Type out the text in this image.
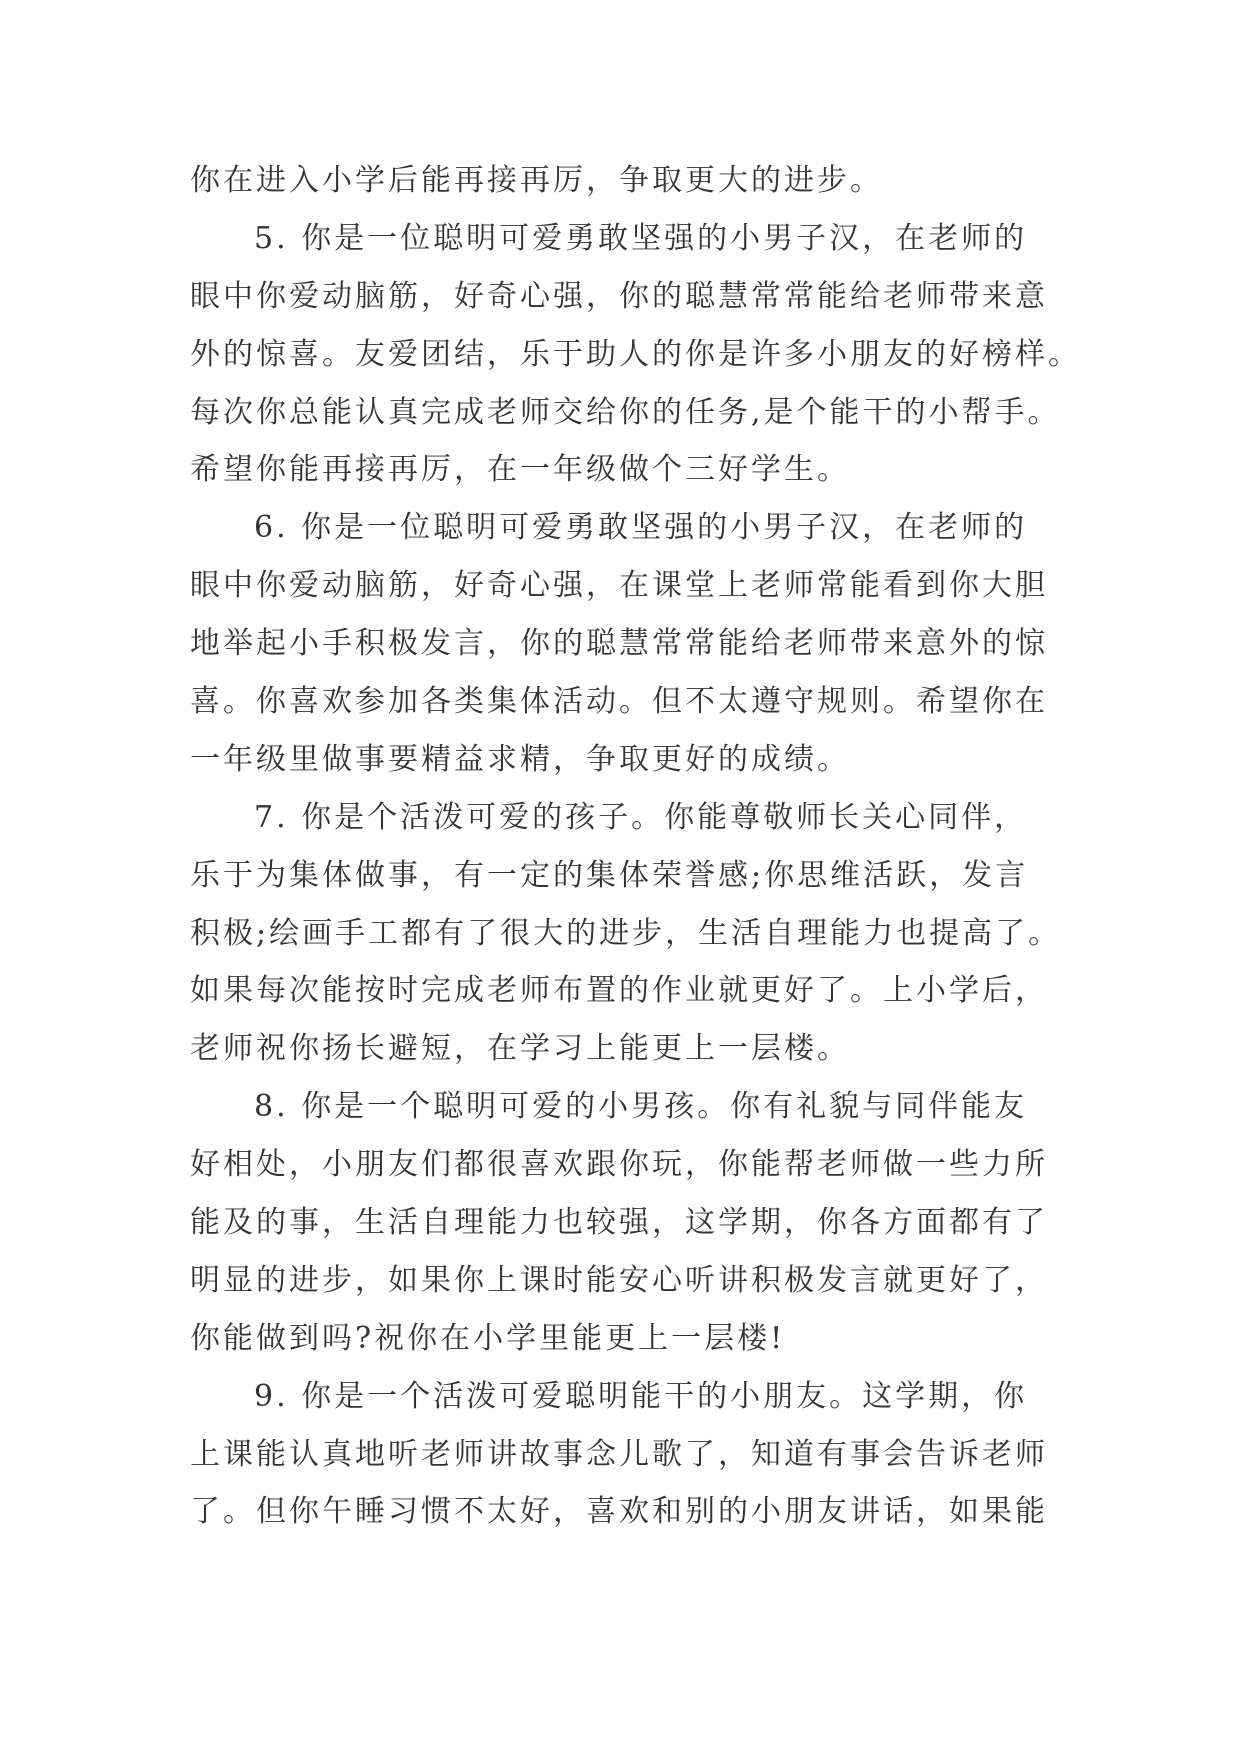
你在进入小学后能再接再厉，争取更大的进步。
5. 你是一位聪明可爱勇敢坚强的小男子汉，在老师的
眼中你爱动脑筋，好奇心强，你的聪慧常常能给老师带来意
外的惊喜。友爱团结，乐于助人的你是许多小朋友的好榜样。
每次你总能认真完成老师交给你的任务,是个能干的小帮手。
希望你能再接再厉，在一年级做个三好学生。
6. 你是一位聪明可爱勇敢坚强的小男子汉，在老师的
眼中你爱动脑筋，好奇心强，在课堂上老师常能看到你大胆
地举起小手积极发言，你的聪慧常常能给老师带来意外的惊
喜。你喜欢参加各类集体活动。但不太遵守规则。希望你在
一年级里做事要精益求精，争取更好的成绩。
7. 你是个活泼可爱的孩子。你能尊敬师长关心同伴，
乐于为集体做事，有一定的集体荣誉感;你思维活跃，发言
积极;绘画手工都有了很大的进步，生活自理能力也提高了。
如果每次能按时完成老师布置的作业就更好了。上小学后，
老师祝你扬长避短，在学习上能更上一层楼。
8. 你是一个聪明可爱的小男孩。你有礼貌与同伴能友
好相处，小朋友们都很喜欢跟你玩，你能帮老师做一些力所
能及的事，生活自理能力也较强，这学期，你各方面都有了
明显的进步，如果你上课时能安心听讲积极发言就更好了，
你能做到吗?祝你在小学里能更上一层楼!
9. 你是一个活泼可爱聪明能干的小朋友。这学期，你
上课能认真地听老师讲故事念儿歌了，知道有事会告诉老师
了。但你午睡习惯不太好，喜欢和别的小朋友讲话，如果能
